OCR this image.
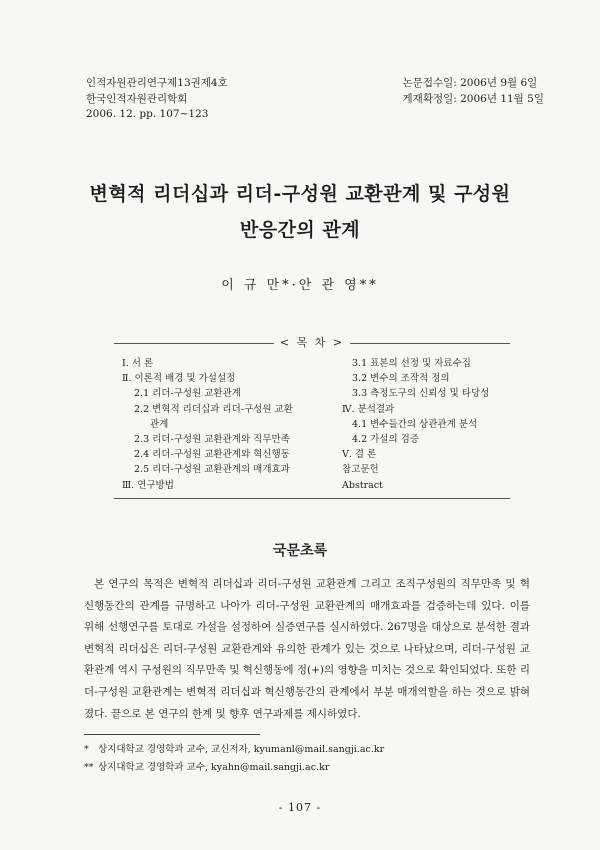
인적자원관리연구제13권제4호
한국인적자원관리학회
2006. 12. pp. 107~123
논문접수일: 2006년 9월 6일
게재확정일: 2006년 11월 5일
변혁적 리더십과 리더-구성원 교환관계 및 구성원
반응간의 관계
이 규 만*·안 관 영**
< 목 차 >
Ⅰ. 서 론
Ⅱ. 이론적 배경 및 가설설정
2.1 리더-구성원 교환관계
2.2 변혁적 리더십과 리더-구성원 교환
관계
2.3 리더-구성원 교환관계와 직무만족
2.4 리더-구성원 교환관계와 혁신행동
2.5 리더-구성원 교환관계의 매개효과
Ⅲ. 연구방법
3.1 표본의 선정 및 자료수집
3.2 변수의 조작적 정의
3.3 측정도구의 신뢰성 및 타당성
Ⅳ. 분석결과
4.1 변수들간의 상관관계 분석
4.2 가설의 검증
Ⅴ. 결 론
참고문헌
Abstract
국문초록
본 연구의 목적은 변혁적 리더십과 리더-구성원 교환관계 그리고 조직구성원의 직무만족 및 혁
신행동간의 관계를 규명하고 나아가 리더-구성원 교환관계의 매개효과를 검증하는데 있다. 이를
위해 선행연구를 토대로 가설을 설정하여 실증연구를 실시하였다. 267명을 대상으로 분석한 결과
변혁적 리더십은 리더-구성원 교환관계와 유의한 관계가 있는 것으로 나타났으며, 리더-구성원 교
환관계 역시 구성원의 직무만족 및 혁신행동에 정(+)의 영향을 미치는 것으로 확인되었다. 또한 리
더-구성원 교환관계는 변혁적 리더십과 혁신행동간의 관계에서 부분 매개역할을 하는 것으로 밝혀
졌다. 끝으로 본 연구의 한계 및 향후 연구과제를 제시하였다.
* 상지대학교 경영학과 교수, 교신저자, kyumanl@mail.sangji.ac.kr
** 상지대학교 경영학과 교수, kyahn@mail.sangji.ac.kr
- 107 -
